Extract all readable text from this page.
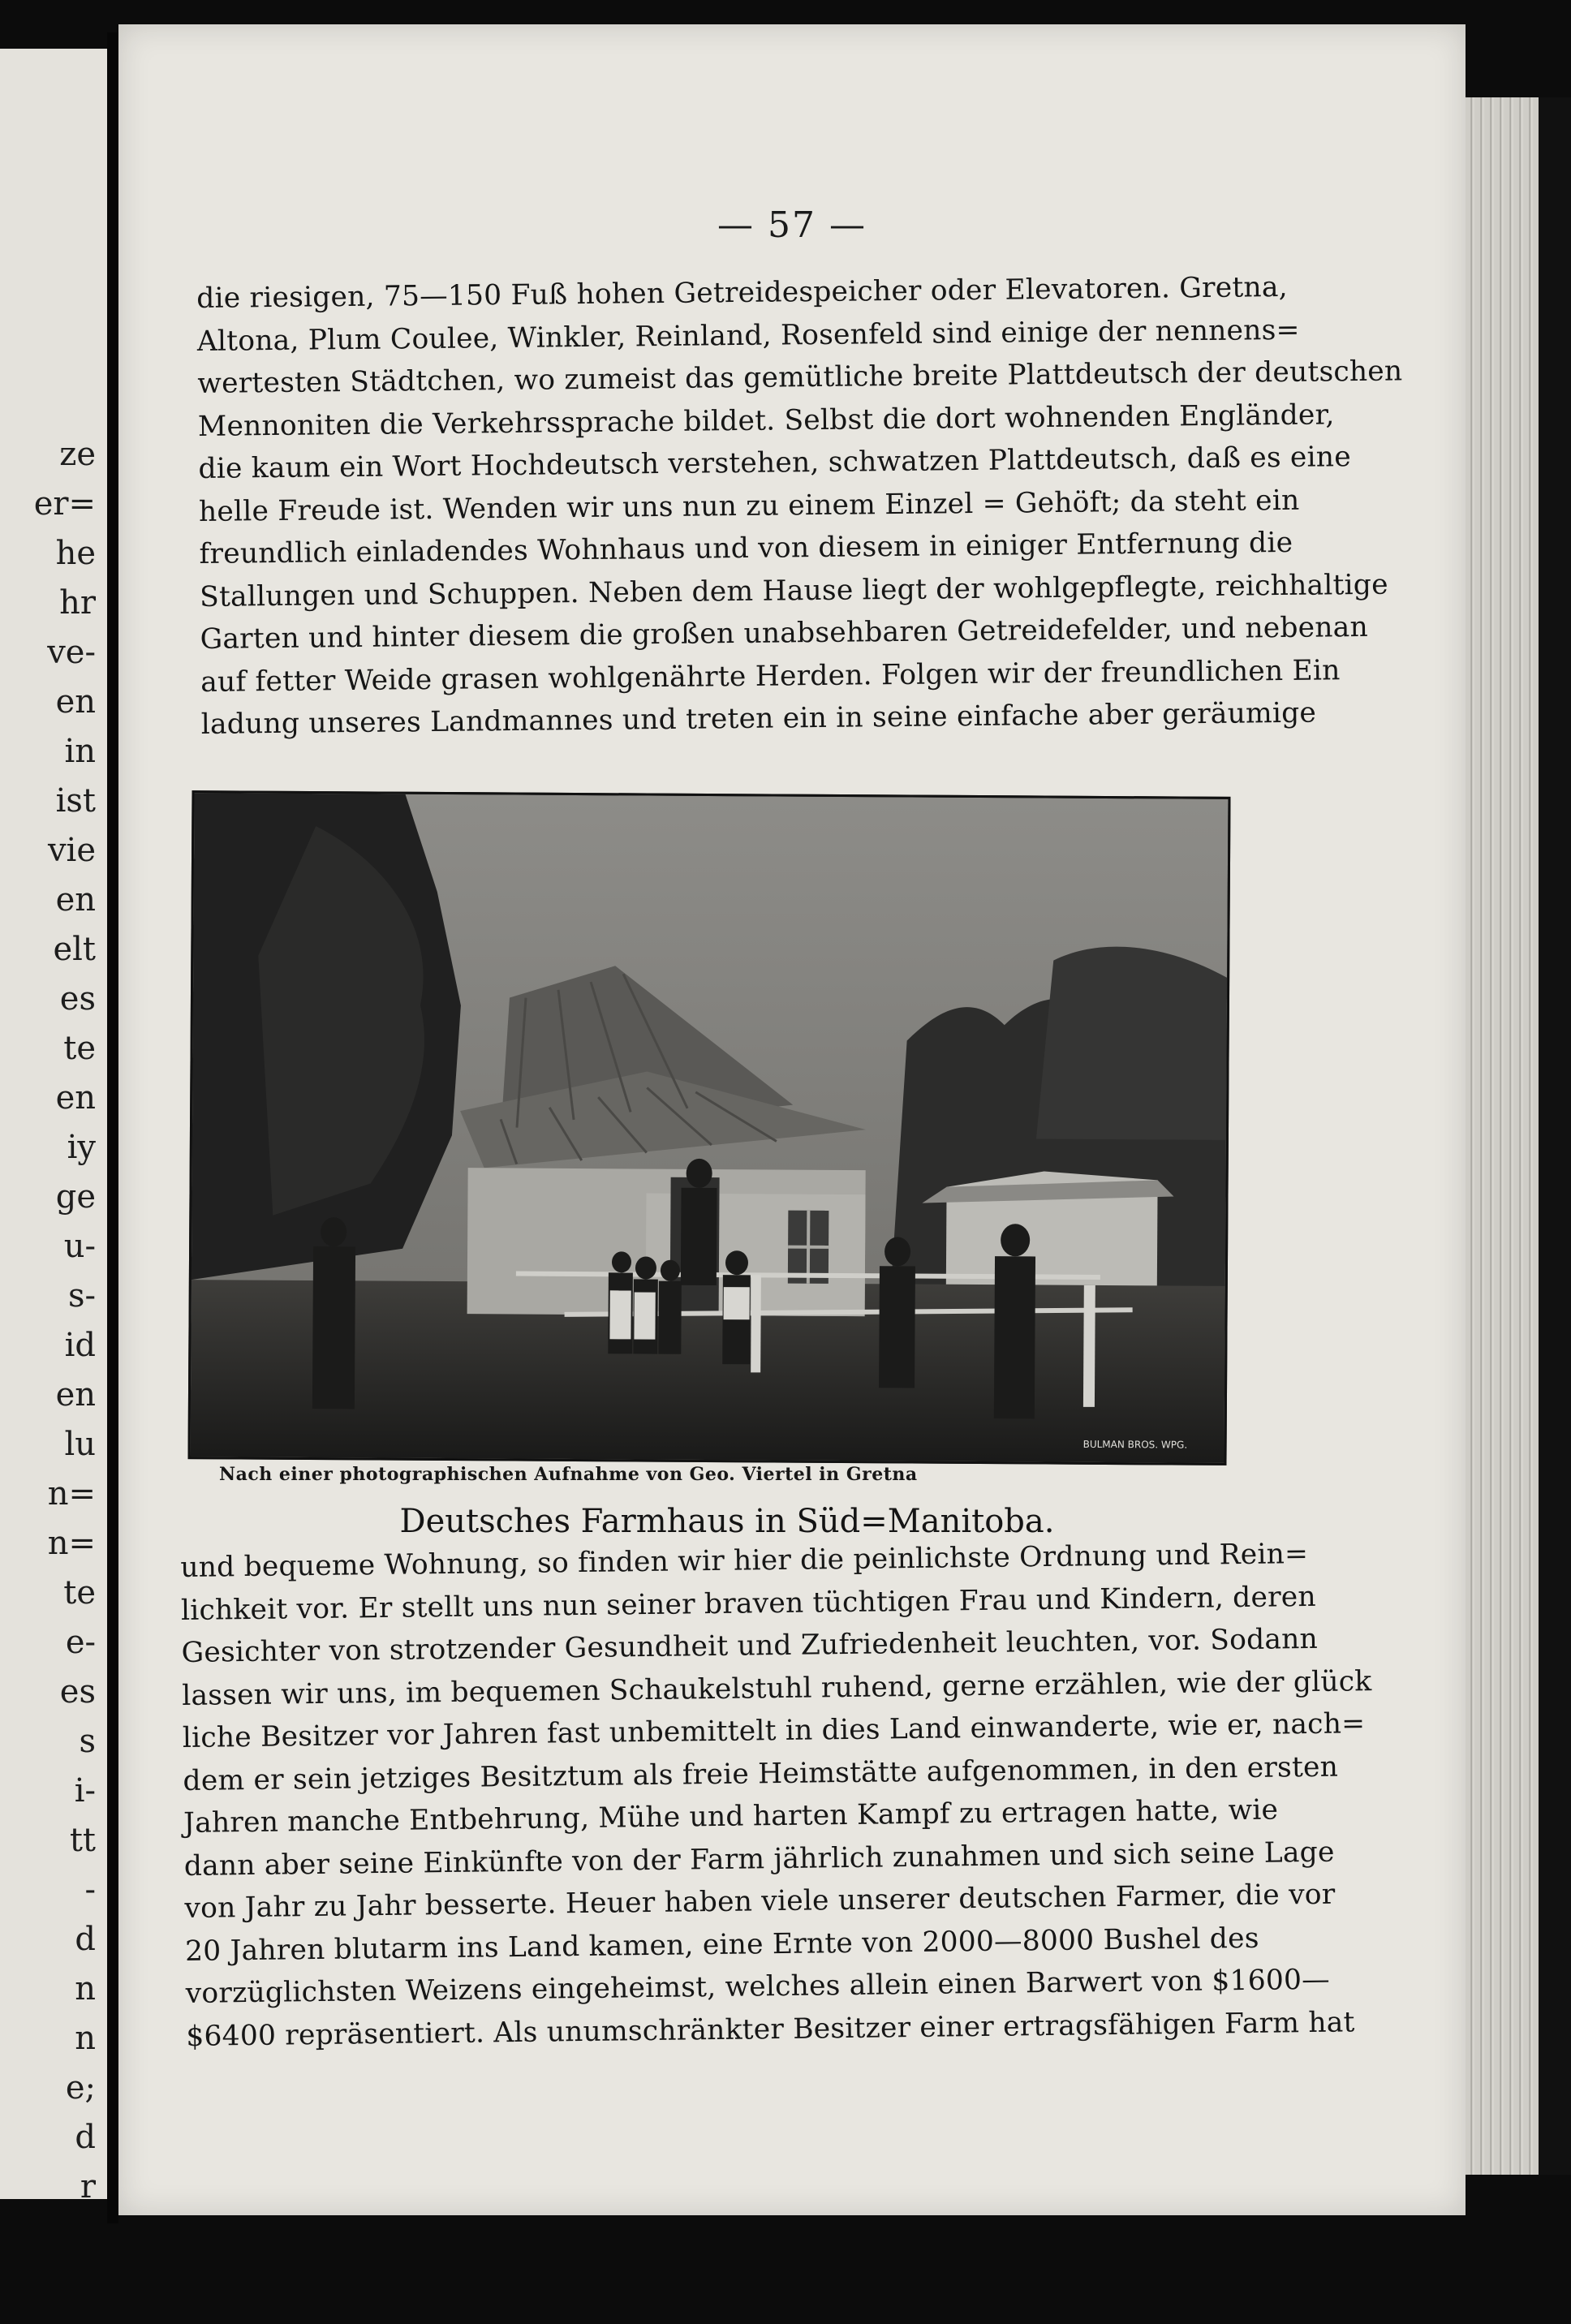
ze
er=
he
hr
ve-
en
in
ist
vie
en
elt
es
te
en
iy
ge
u-
s-
id
en
lu
n=
n=
te
e-
es
s
i-
tt
-
d
n
n
e;
d
r
— 57 —
die riesigen, 75—150 Fuß hohen Getreidespeicher oder Elevatoren. Gretna,
Altona, Plum Coulee, Winkler, Reinland, Rosenfeld sind einige der nennens=
wertesten Städtchen, wo zumeist das gemütliche breite Plattdeutsch der deutschen
Mennoniten die Verkehrssprache bildet. Selbst die dort wohnenden Engländer,
die kaum ein Wort Hochdeutsch verstehen, schwatzen Plattdeutsch, daß es eine
helle Freude ist. Wenden wir uns nun zu einem Einzel = Gehöft; da steht ein
freundlich einladendes Wohnhaus und von diesem in einiger Entfernung die
Stallungen und Schuppen. Neben dem Hause liegt der wohlgepflegte, reichhaltige
Garten und hinter diesem die großen unabsehbaren Getreidefelder, und nebenan
auf fetter Weide grasen wohlgenährte Herden. Folgen wir der freundlichen Ein
ladung unseres Landmannes und treten ein in seine einfache aber geräumige
BULMAN BROS. WPG.
Nach einer photographischen Aufnahme von Geo. Viertel in Gretna
Deutsches Farmhaus in Süd=Manitoba.
und bequeme Wohnung, so finden wir hier die peinlichste Ordnung und Rein=
lichkeit vor. Er stellt uns nun seiner braven tüchtigen Frau und Kindern, deren
Gesichter von strotzender Gesundheit und Zufriedenheit leuchten, vor. Sodann
lassen wir uns, im bequemen Schaukelstuhl ruhend, gerne erzählen, wie der glück
liche Besitzer vor Jahren fast unbemittelt in dies Land einwanderte, wie er, nach=
dem er sein jetziges Besitztum als freie Heimstätte aufgenommen, in den ersten
Jahren manche Entbehrung, Mühe und harten Kampf zu ertragen hatte, wie
dann aber seine Einkünfte von der Farm jährlich zunahmen und sich seine Lage
von Jahr zu Jahr besserte. Heuer haben viele unserer deutschen Farmer, die vor
20 Jahren blutarm ins Land kamen, eine Ernte von 2000—8000 Bushel des
vorzüglichsten Weizens eingeheimst, welches allein einen Barwert von $1600—
$6400 repräsentiert. Als unumschränkter Besitzer einer ertragsfähigen Farm hat
